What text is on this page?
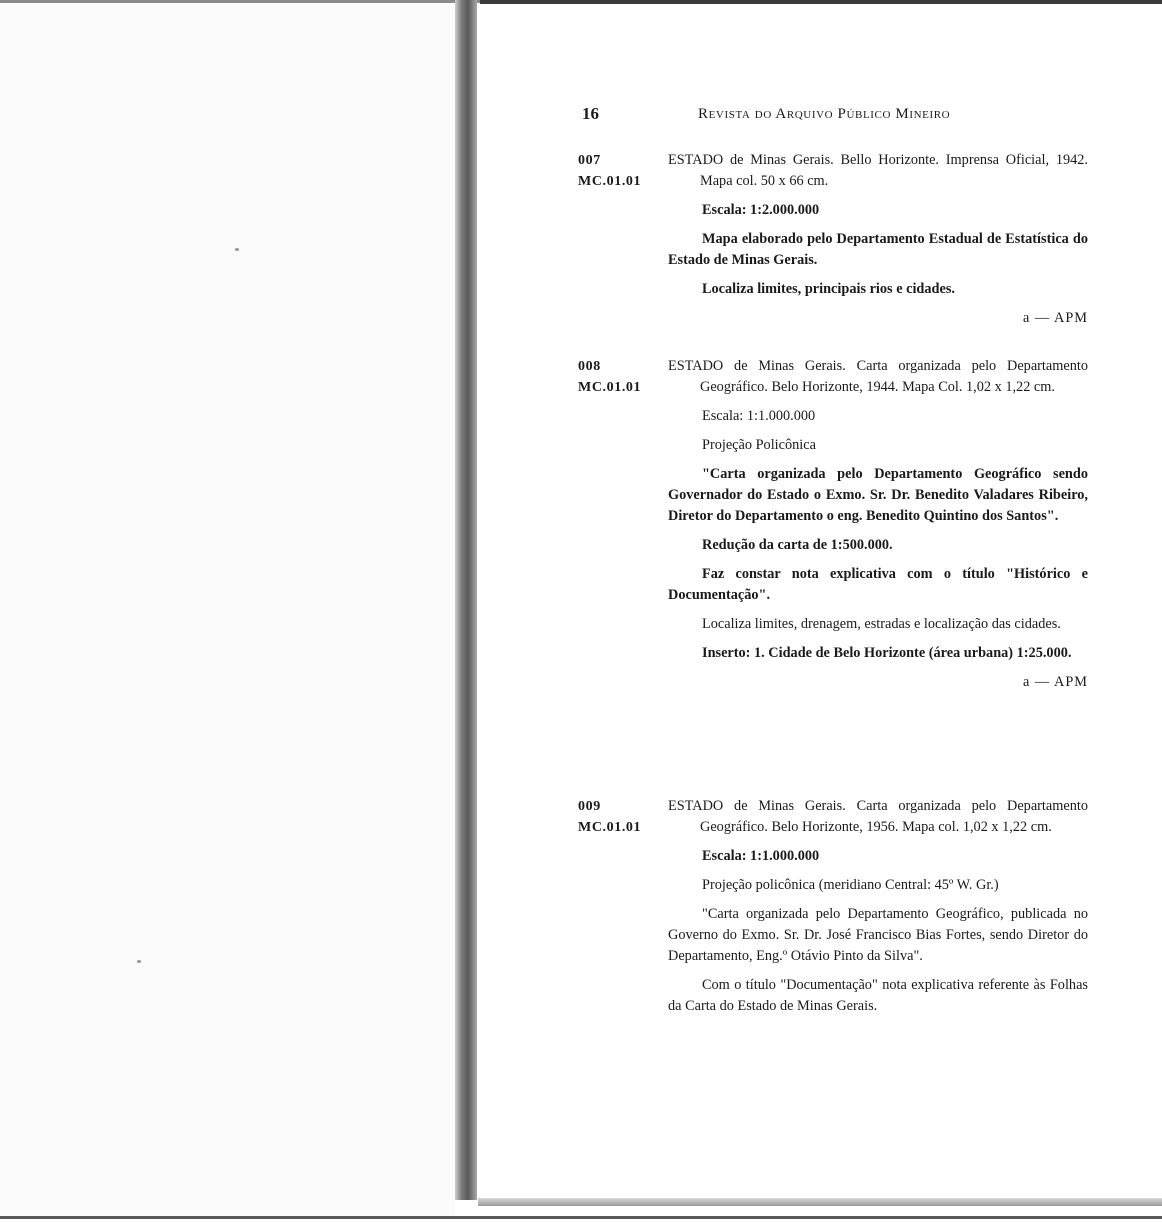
16	Revista do Arquivo Público Mineiro
007
MC.01.01

ESTADO de Minas Gerais. Bello Horizonte. Imprensa Oficial, 1942. Mapa col. 50 x 66 cm.

Escala: 1:2.000.000

Mapa elaborado pelo Departamento Estadual de Estatística do Estado de Minas Gerais.

Localiza limites, principais rios e cidades.

a — APM
008
MC.01.01

ESTADO de Minas Gerais. Carta organizada pelo Departamento Geográfico. Belo Horizonte, 1944. Mapa Col. 1,02 x 1,22 cm.

Escala: 1:1.000.000

Projeção Policônica

"Carta organizada pelo Departamento Geográfico sendo Governador do Estado o Exmo. Sr. Dr. Benedito Valadares Ribeiro, Diretor do Departamento o eng. Benedito Quintino dos Santos".

Redução da carta de 1:500.000.

Faz constar nota explicativa com o título "Histórico e Documentação".

Localiza limites, drenagem, estradas e localização das cidades.

Inserto: 1. Cidade de Belo Horizonte (área urbana) 1:25.000.

a — APM
009
MC.01.01

ESTADO de Minas Gerais. Carta organizada pelo Departamento Geográfico. Belo Horizonte, 1956. Mapa col. 1,02 x 1,22 cm.

Escala: 1:1.000.000

Projeção policônica (meridiano Central: 45º W. Gr.)

"Carta organizada pelo Departamento Geográfico, publicada no Governo do Exmo. Sr. Dr. José Francisco Bias Fortes, sendo Diretor do Departamento, Eng.º Otávio Pinto da Silva".

Com o título "Documentação" nota explicativa referente às Folhas da Carta do Estado de Minas Gerais.
